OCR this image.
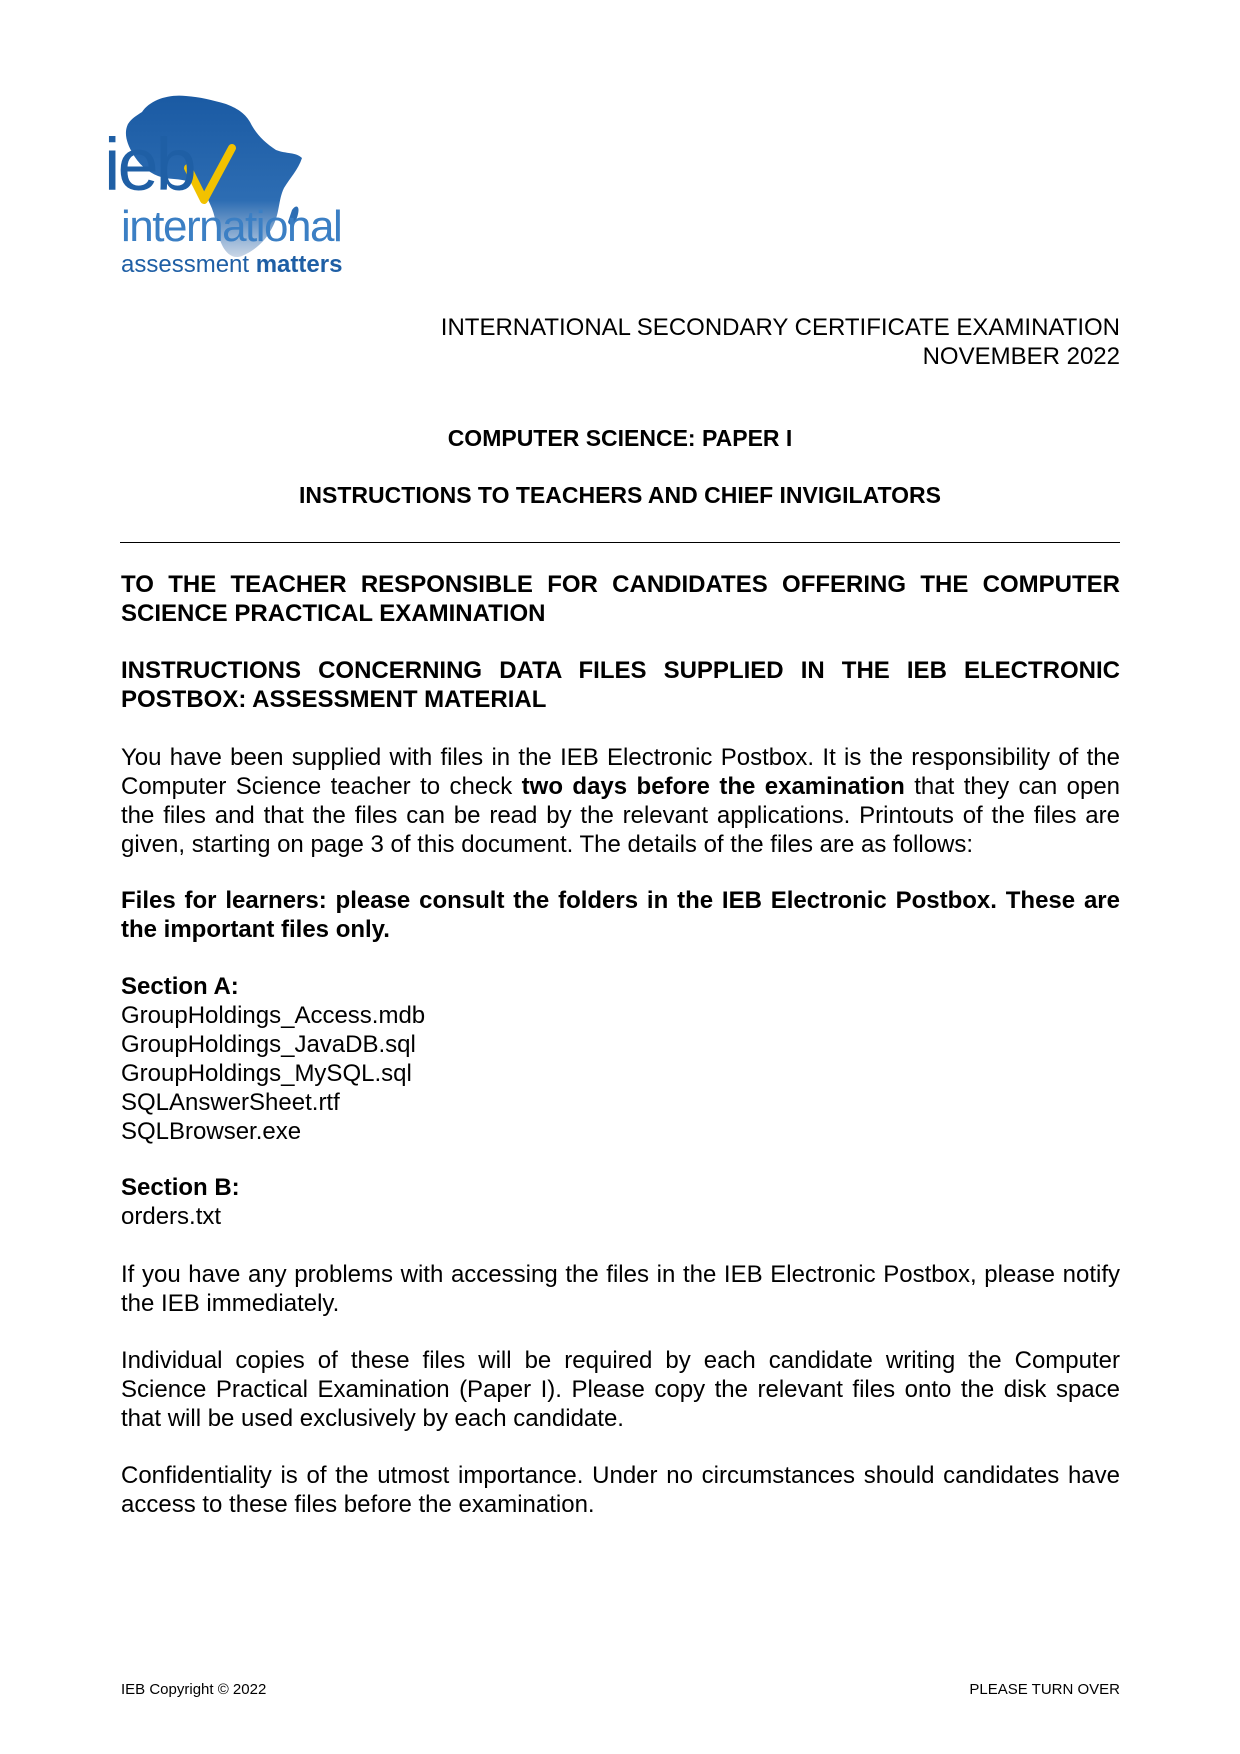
ieb
international
assessment matters
INTERNATIONAL SECONDARY CERTIFICATE EXAMINATION
NOVEMBER 2022
COMPUTER SCIENCE: PAPER I
INSTRUCTIONS TO TEACHERS AND CHIEF INVIGILATORS
TO THE TEACHER RESPONSIBLE FOR CANDIDATES OFFERING THE COMPUTER SCIENCE PRACTICAL EXAMINATION
INSTRUCTIONS CONCERNING DATA FILES SUPPLIED IN THE IEB ELECTRONIC POSTBOX: ASSESSMENT MATERIAL
You have been supplied with files in the IEB Electronic Postbox. It is the responsibility of the Computer Science teacher to check two days before the examination that they can open the files and that the files can be read by the relevant applications. Printouts of the files are given, starting on page 3 of this document. The details of the files are as follows:
Files for learners: please consult the folders in the IEB Electronic Postbox. These are the important files only.
Section A:
GroupHoldings_Access.mdb
GroupHoldings_JavaDB.sql
GroupHoldings_MySQL.sql
SQLAnswerSheet.rtf
SQLBrowser.exe
Section B:
orders.txt
If you have any problems with accessing the files in the IEB Electronic Postbox, please notify the IEB immediately.
Individual copies of these files will be required by each candidate writing the Computer Science Practical Examination (Paper I). Please copy the relevant files onto the disk space that will be used exclusively by each candidate.
Confidentiality is of the utmost importance. Under no circumstances should candidates have access to these files before the examination.
IEB Copyright © 2022	PLEASE TURN OVER
